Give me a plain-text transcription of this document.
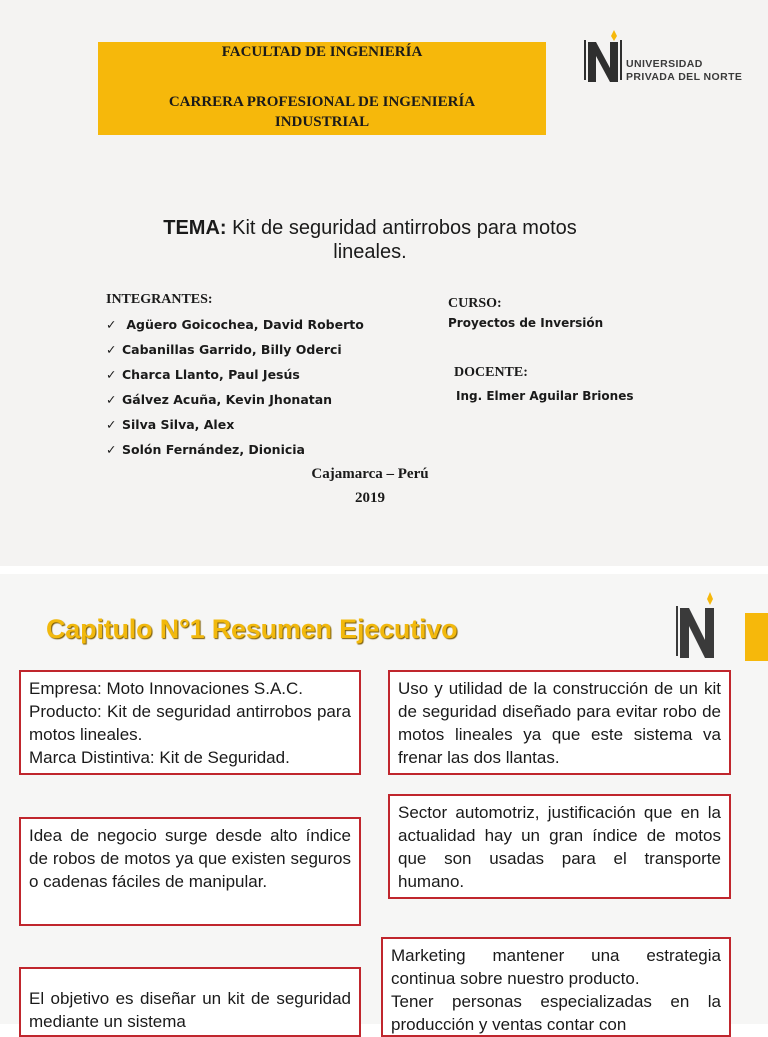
FACULTAD DE INGENIERÍA
CARRERA PROFESIONAL DE INGENIERÍA
INDUSTRIAL
UNIVERSIDAD
PRIVADA DEL NORTE
TEMA: Kit de seguridad antirrobos para motos
lineales.
INTEGRANTES:
✓ Agüero Goicochea, David Roberto
✓ Cabanillas Garrido, Billy Oderci
✓ Charca Llanto, Paul Jesús
✓ Gálvez Acuña, Kevin Jhonatan
✓ Silva Silva, Alex
✓ Solón Fernández, Dionicia
CURSO:
Proyectos de Inversión
DOCENTE:
Ing. Elmer Aguilar Briones
Cajamarca – Perú
2019
Capitulo N°1 Resumen Ejecutivo

Empresa: Moto Innovaciones S.A.C.

Producto: Kit de seguridad antirrobos para motos lineales.

Marca Distintiva: Kit de Seguridad.

Uso y utilidad de la construcción de un kit de seguridad diseñado para evitar robo de motos lineales ya que este sistema va frenar las dos llantas.

Sector automotriz, justificación que en la actualidad hay un gran índice de motos que son usadas para el transporte humano.

Idea de negocio surge desde alto índice de robos de motos ya que existen seguros o cadenas fáciles de manipular.

Marketing mantener una estrategia continua sobre nuestro producto.

Tener personas especializadas en la producción y ventas contar con

El objetivo es diseñar un kit de seguridad mediante un sistema
